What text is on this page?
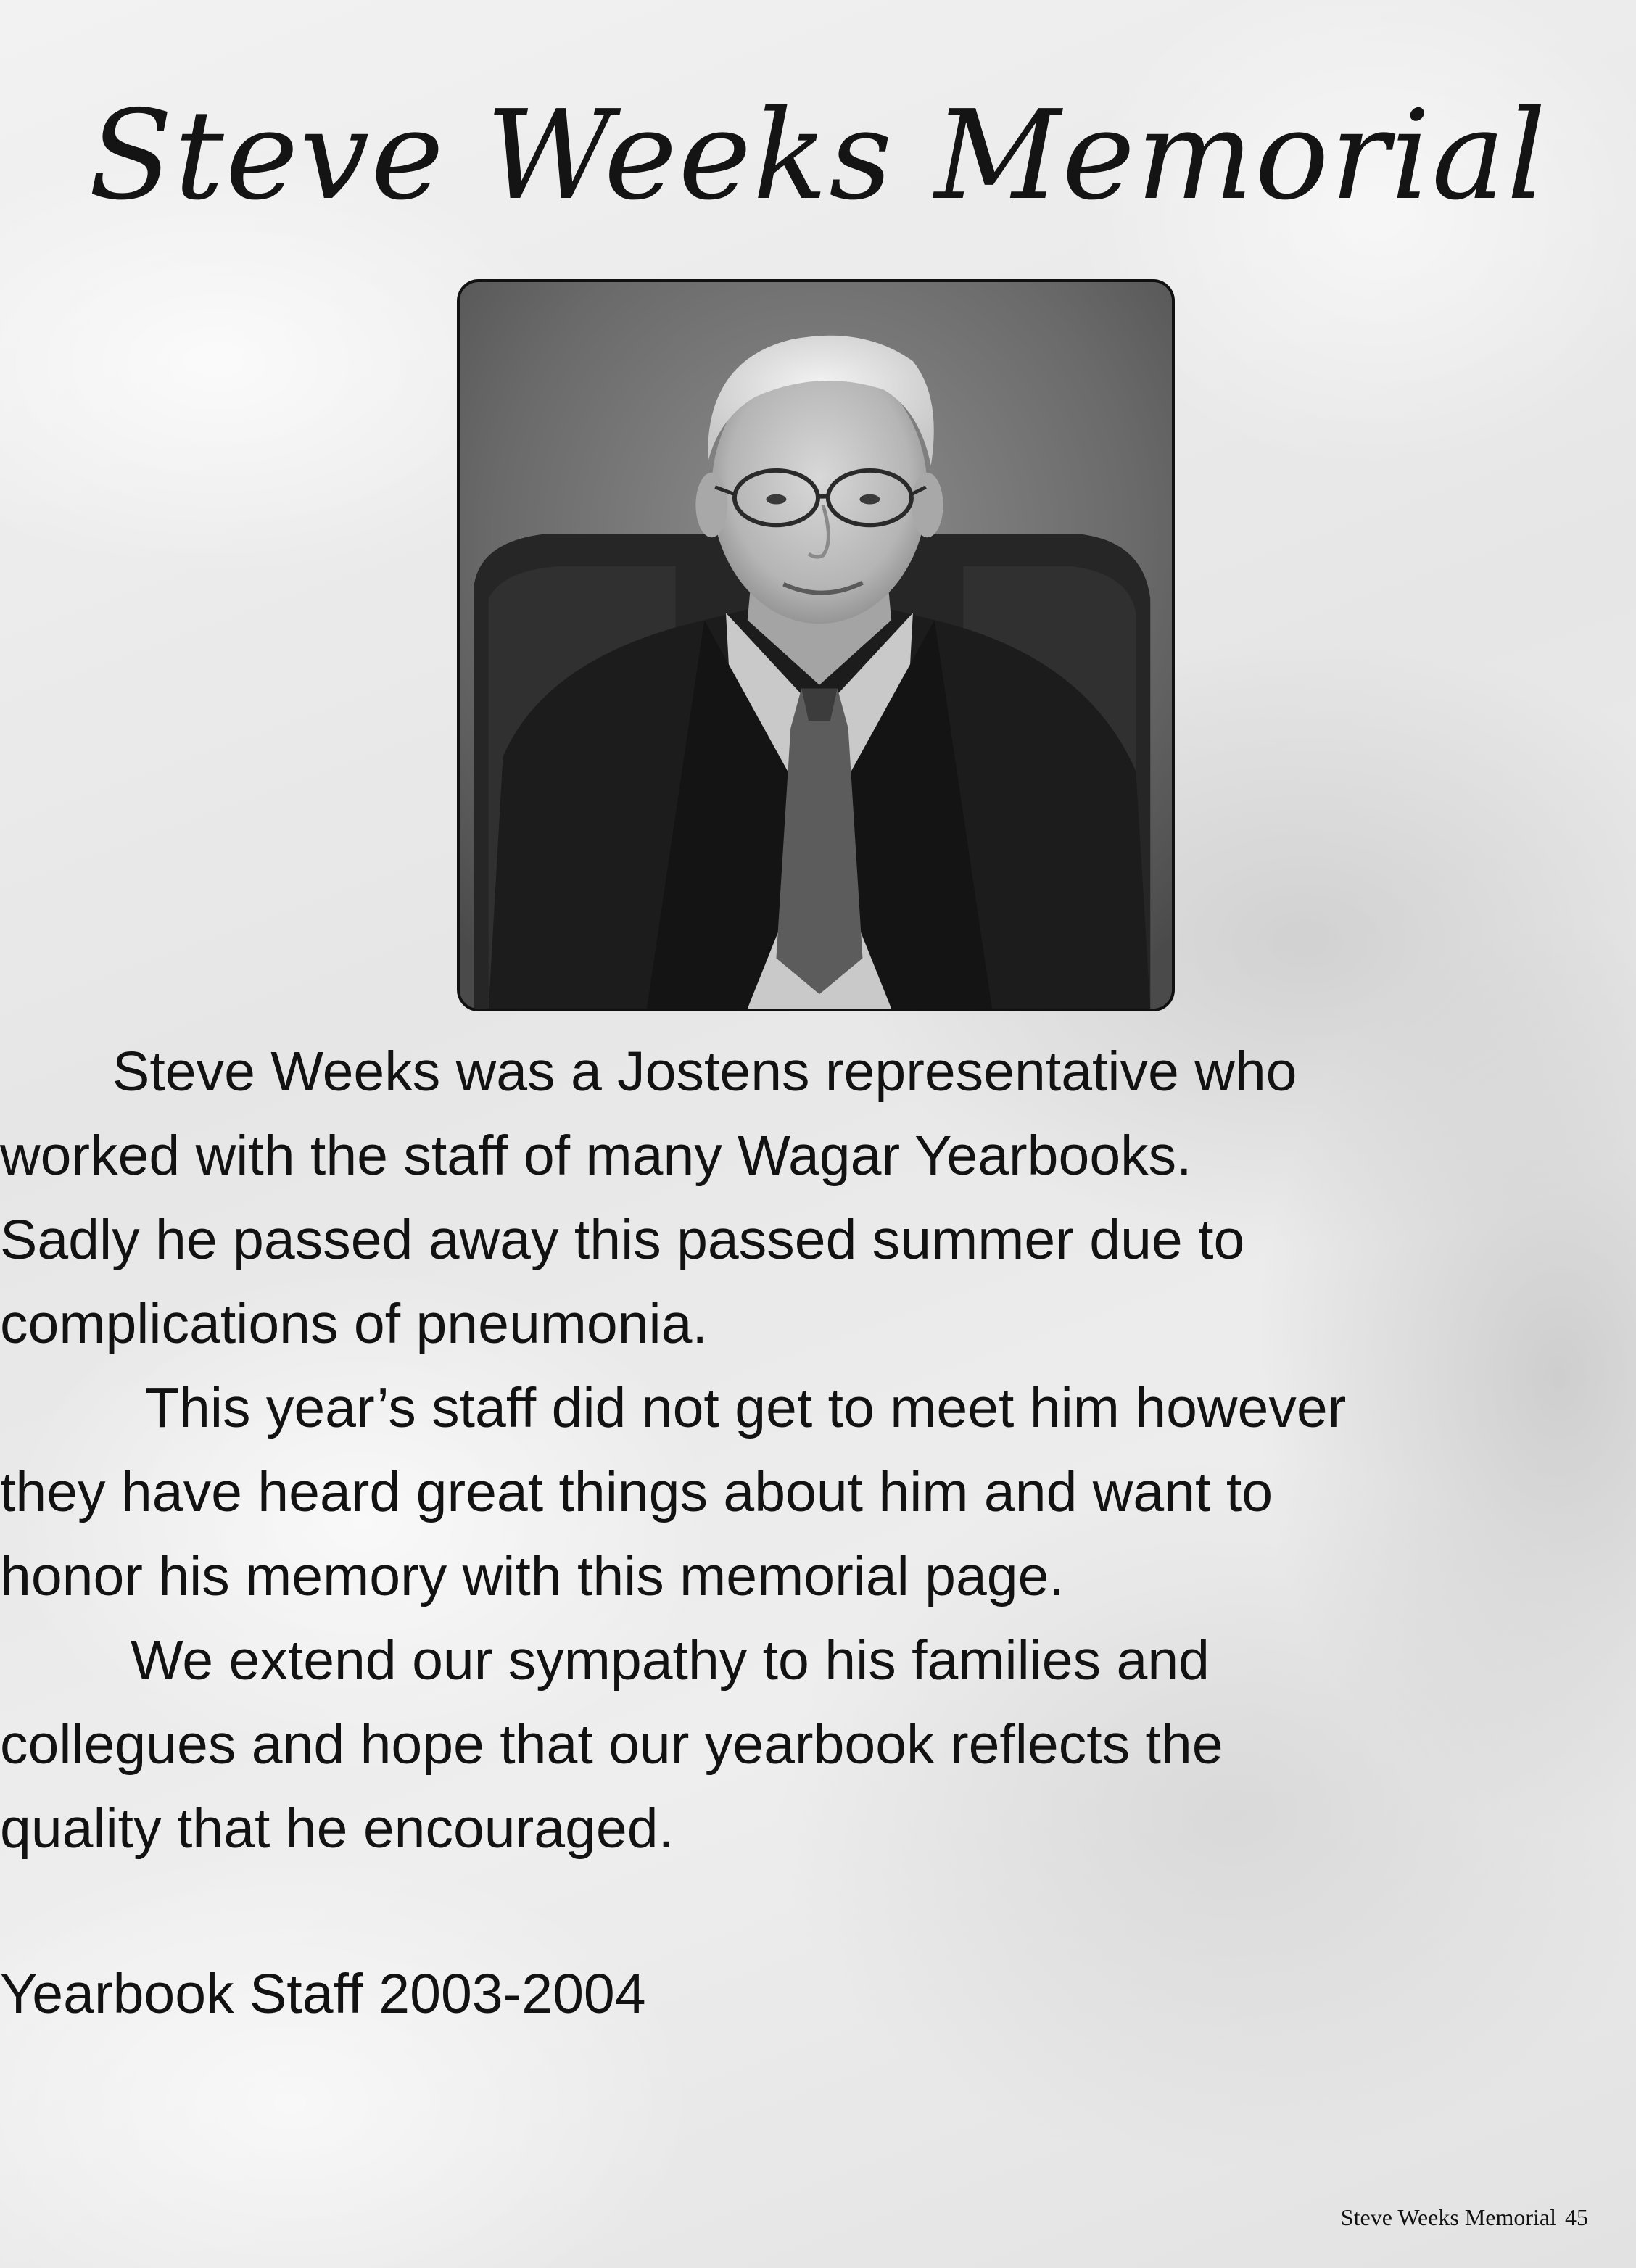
Steve Weeks Memorial

Steve Weeks was a Jostens representative who
worked with the staff of many Wagar Yearbooks.
Sadly he passed away this passed summer due to
complications of pneumonia.

This year’s staff did not get to meet him however
they have heard great things about him and want to
honor his memory with this memorial page.

We extend our sympathy to his families and
collegues and hope that our yearbook reflects the
quality that he encouraged.

Yearbook Staff 2003-2004
Steve Weeks Memorial 45
